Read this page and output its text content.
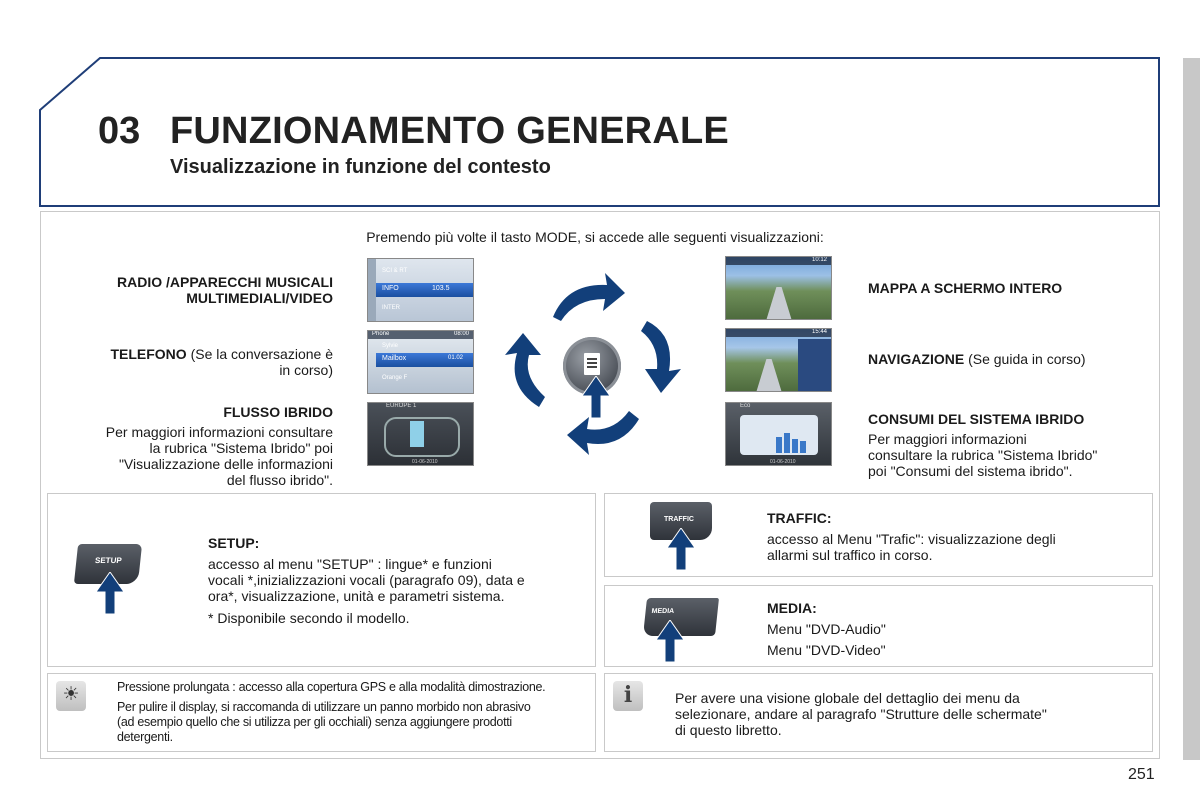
03 FUNZIONAMENTO GENERALE
Visualizzazione in funzione del contesto
Premendo più volte il tasto MODE, si accede alle seguenti visualizzazioni:
RADIO /APPARECCHI MUSICALI
MULTIMEDIALI/VIDEO
TELEFONO (Se la conversazione è
in corso)
FLUSSO IBRIDO
Per maggiori informazioni consultare
la rubrica "Sistema Ibrido" poi
"Visualizzazione delle informazioni
del flusso ibrido".
MAPPA A SCHERMO INTERO
NAVIGAZIONE (Se guida in corso)
CONSUMI DEL SISTEMA IBRIDO
Per maggiori informazioni
consultare la rubrica "Sistema Ibrido"
poi "Consumi del sistema ibrido".
SCI & RT
INFO	103.5
INTER
Phone	08:00
Sylvie
Mailbox	01.02
Orange F
EUROPE 1
01-06-2010
10:12
15:44
Eco
01-06-2010
SETUP
SETUP:
accesso al menu "SETUP" : lingue* e funzioni
vocali *,inizializzazioni vocali (paragrafo 09), data e
ora*, visualizzazione, unità e parametri sistema.
* Disponibile secondo il modello.
TRAFFIC	TRAFFIC:
accesso al Menu "Trafic": visualizzazione degli
allarmi sul traffico in corso.
MEDIA	MEDIA:
Menu "DVD-Audio"
Menu "DVD-Video"
☀	Pressione prolungata : accesso alla copertura GPS e alla modalità dimostrazione.
Per pulire il display, si raccomanda di utilizzare un panno morbido non abrasivo
(ad esempio quello che si utilizza per gli occhiali) senza aggiungere prodotti
detergenti.
i	Per avere una visione globale del dettaglio dei menu da
selezionare, andare al paragrafo "Strutture delle schermate"
di questo libretto.
251
